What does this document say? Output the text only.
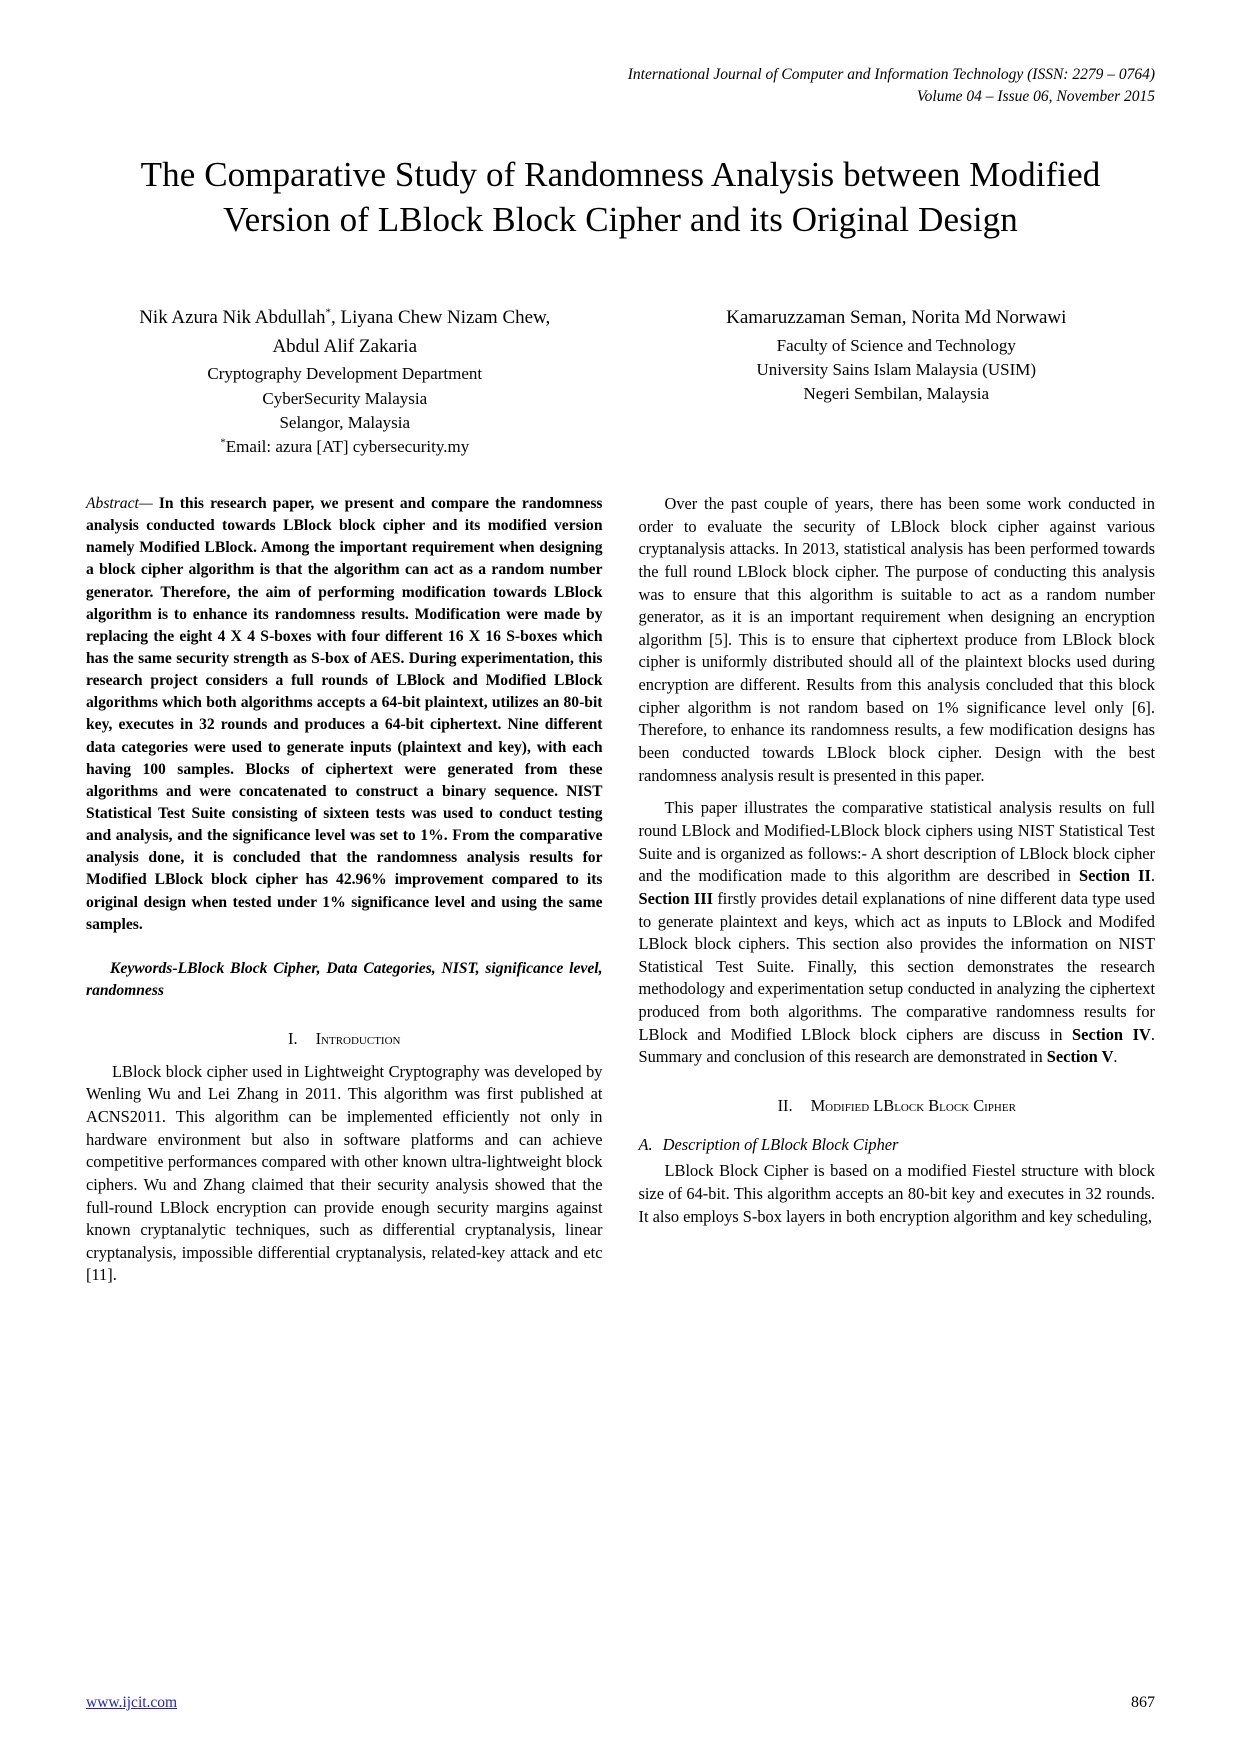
International Journal of Computer and Information Technology (ISSN: 2279 – 0764)
Volume 04 – Issue 06, November 2015
The Comparative Study of Randomness Analysis between Modified Version of LBlock Block Cipher and its Original Design
Nik Azura Nik Abdullah*, Liyana Chew Nizam Chew,
Abdul Alif Zakaria
Cryptography Development Department
CyberSecurity Malaysia
Selangor, Malaysia
*Email: azura [AT] cybersecurity.my
Kamaruzzaman Seman, Norita Md Norwawi
Faculty of Science and Technology
University Sains Islam Malaysia (USIM)
Negeri Sembilan, Malaysia

Abstract— In this research paper, we present and compare the randomness analysis conducted towards LBlock block cipher and its modified version namely Modified LBlock. Among the important requirement when designing a block cipher algorithm is that the algorithm can act as a random number generator. Therefore, the aim of performing modification towards LBlock algorithm is to enhance its randomness results. Modification were made by replacing the eight 4 X 4 S-boxes with four different 16 X 16 S-boxes which has the same security strength as S-box of AES. During experimentation, this research project considers a full rounds of LBlock and Modified LBlock algorithms which both algorithms accepts a 64-bit plaintext, utilizes an 80-bit key, executes in 32 rounds and produces a 64-bit ciphertext. Nine different data categories were used to generate inputs (plaintext and key), with each having 100 samples. Blocks of ciphertext were generated from these algorithms and were concatenated to construct a binary sequence. NIST Statistical Test Suite consisting of sixteen tests was used to conduct testing and analysis, and the significance level was set to 1%. From the comparative analysis done, it is concluded that the randomness analysis results for Modified LBlock block cipher has 42.96% improvement compared to its original design when tested under 1% significance level and using the same samples.

Keywords-LBlock Block Cipher, Data Categories, NIST, significance level, randomness

I. Introduction

LBlock block cipher used in Lightweight Cryptography was developed by Wenling Wu and Lei Zhang in 2011. This algorithm was first published at ACNS2011. This algorithm can be implemented efficiently not only in hardware environment but also in software platforms and can achieve competitive performances compared with other known ultra-lightweight block ciphers. Wu and Zhang claimed that their security analysis showed that the full-round LBlock encryption can provide enough security margins against known cryptanalytic techniques, such as differential cryptanalysis, linear cryptanalysis, impossible differential cryptanalysis, related-key attack and etc [11].

Over the past couple of years, there has been some work conducted in order to evaluate the security of LBlock block cipher against various cryptanalysis attacks. In 2013, statistical analysis has been performed towards the full round LBlock block cipher. The purpose of conducting this analysis was to ensure that this algorithm is suitable to act as a random number generator, as it is an important requirement when designing an encryption algorithm [5]. This is to ensure that ciphertext produce from LBlock block cipher is uniformly distributed should all of the plaintext blocks used during encryption are different. Results from this analysis concluded that this block cipher algorithm is not random based on 1% significance level only [6]. Therefore, to enhance its randomness results, a few modification designs has been conducted towards LBlock block cipher. Design with the best randomness analysis result is presented in this paper.

This paper illustrates the comparative statistical analysis results on full round LBlock and Modified-LBlock block ciphers using NIST Statistical Test Suite and is organized as follows:- A short description of LBlock block cipher and the modification made to this algorithm are described in Section II. Section III firstly provides detail explanations of nine different data type used to generate plaintext and keys, which act as inputs to LBlock and Modifed LBlock block ciphers. This section also provides the information on NIST Statistical Test Suite. Finally, this section demonstrates the research methodology and experimentation setup conducted in analyzing the ciphertext produced from both algorithms. The comparative randomness results for LBlock and Modified LBlock block ciphers are discuss in Section IV. Summary and conclusion of this research are demonstrated in Section V.

II. Modified LBlock Block Cipher
A. Description of LBlock Block Cipher

LBlock Block Cipher is based on a modified Fiestel structure with block size of 64-bit. This algorithm accepts an 80-bit key and executes in 32 rounds. It also employs S-box layers in both encryption algorithm and key scheduling,

www.ijcit.com	867
